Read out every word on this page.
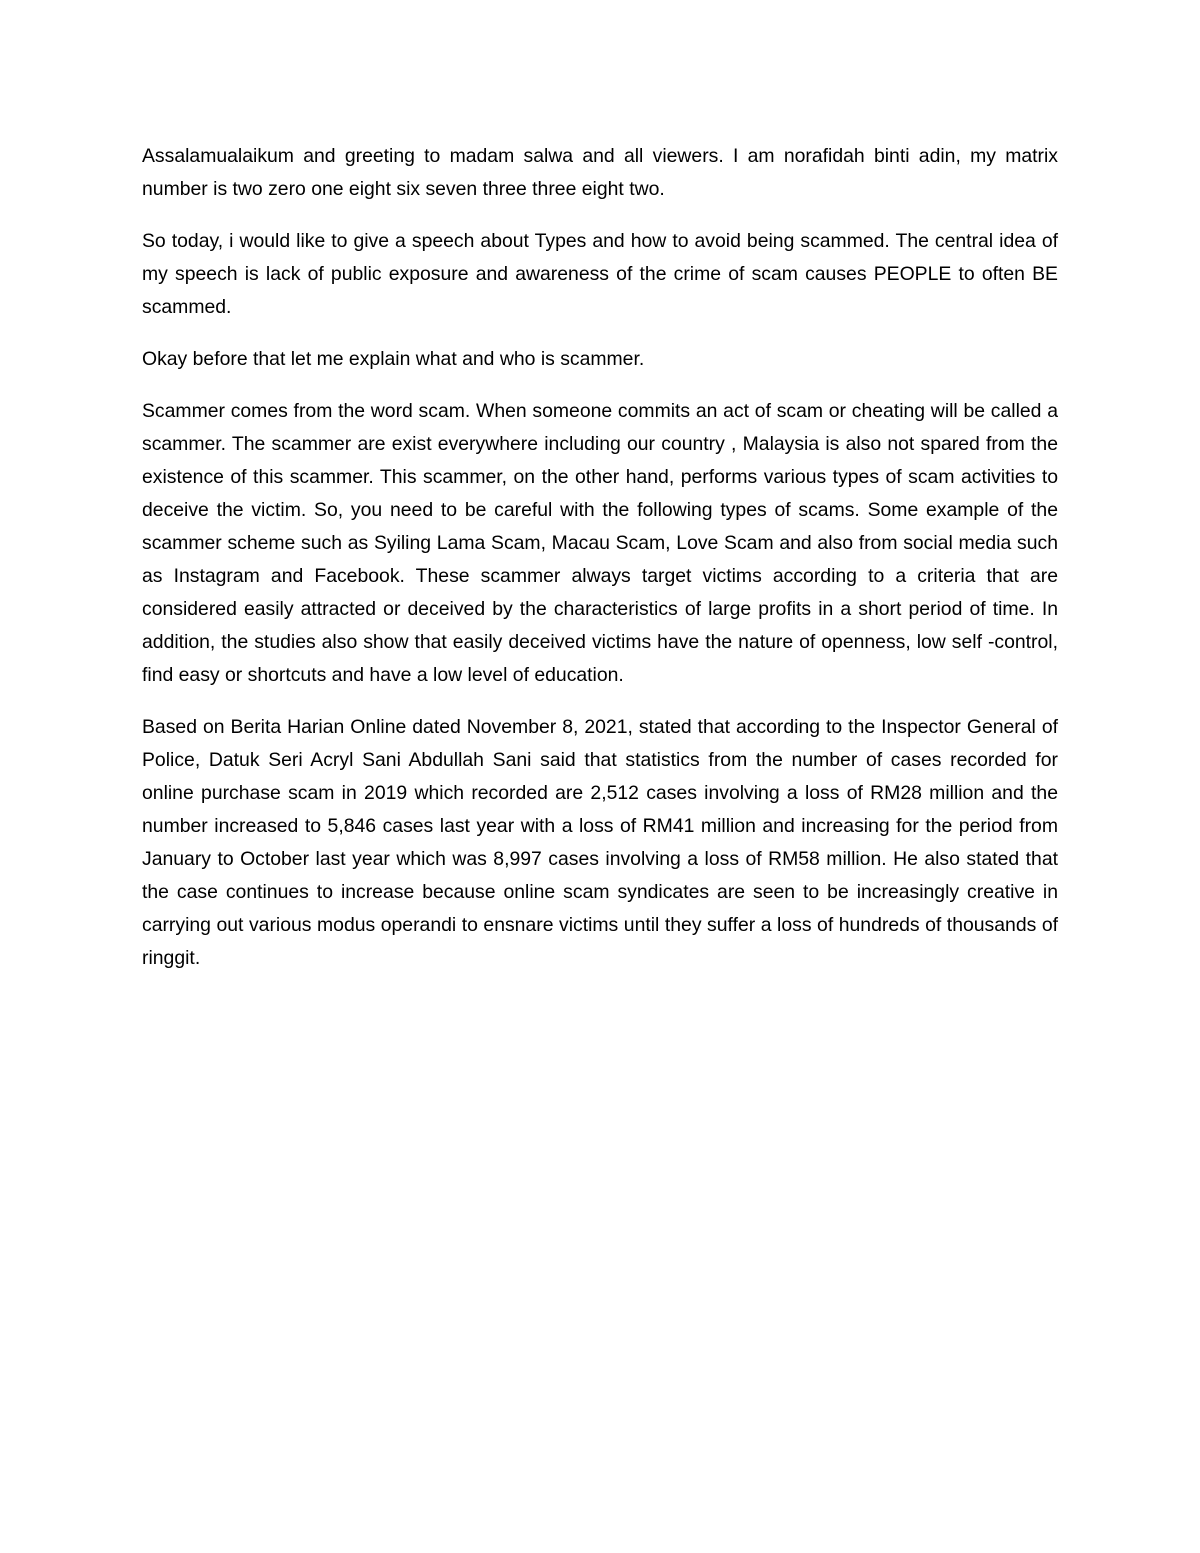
Assalamualaikum and greeting to madam salwa and all viewers. I am norafidah binti adin, my matrix number is two zero one eight six seven three three eight two.

So today, i would like to give a speech about Types and how to avoid being scammed. The central idea of my speech is lack of public exposure and awareness of the crime of scam causes PEOPLE to often BE scammed.

Okay before that let me explain what and who is scammer.

Scammer comes from the word scam. When someone commits an act of scam or cheating will be called a scammer. The scammer are exist everywhere including our country , Malaysia is also not spared from the existence of this scammer. This scammer, on the other hand, performs various types of scam activities to deceive the victim. So, you need to be careful with the following types of scams. Some example of the scammer scheme such as Syiling Lama Scam, Macau Scam, Love Scam and also from social media such as Instagram and Facebook. These scammer always target victims according to a criteria that are considered easily attracted or deceived by the characteristics of large profits in a short period of time. In addition, the studies also show that easily deceived victims have the nature of openness, low self -control, find easy or shortcuts and have a low level of education.

Based on Berita Harian Online dated November 8, 2021, stated that according to the Inspector General of Police, Datuk Seri Acryl Sani Abdullah Sani said that statistics from the number of cases recorded for online purchase scam in 2019 which recorded are 2,512 cases involving a loss of RM28 million and the number increased to 5,846 cases last year with a loss of RM41 million and increasing for the period from January to October last year which was 8,997 cases involving a loss of RM58 million. He also stated that the case continues to increase because online scam syndicates are seen to be increasingly creative in carrying out various modus operandi to ensnare victims until they suffer a loss of hundreds of thousands of ringgit.
